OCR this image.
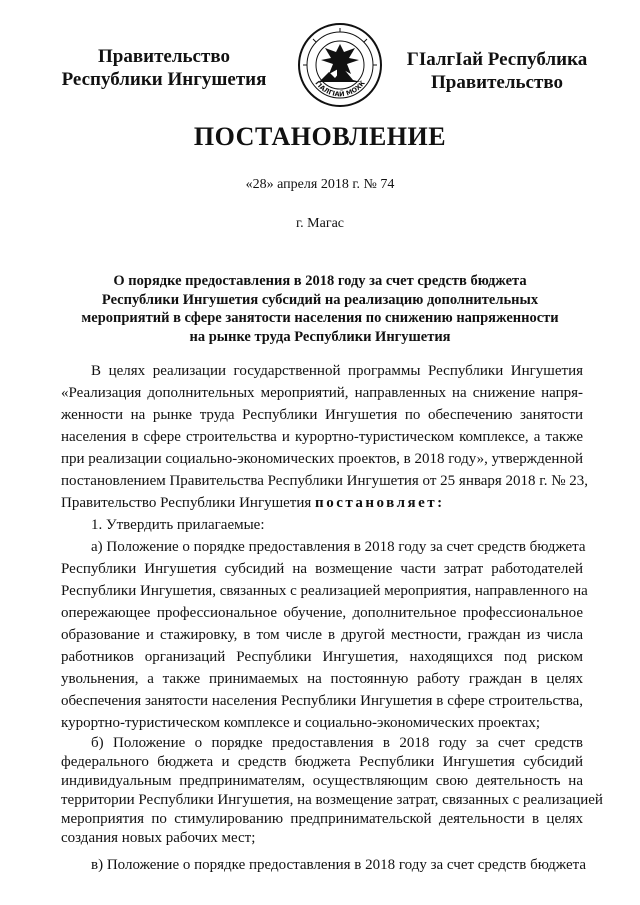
Правительство
Республики Ингушетия	ГӀАЛГӀАЙ МОХК
ГӀалгӀай Республика
Правительство
ПОСТАНОВЛЕНИЕ
«28» апреля 2018 г. № 74
г. Магас
О порядке предоставления в 2018 году за счет средств бюджета
Республики Ингушетия субсидий на реализацию дополнительных
мероприятий в сфере занятости населения по снижению напряженности
на рынке труда Республики Ингушетия
В целях реализации государственной программы Республики Ингушетия
«Реализация дополнительных мероприятий, направленных на снижение напря-
женности на рынке труда Республики Ингушетия по обеспечению занятости
населения в сфере строительства и курортно-туристическом комплексе, а также
при реализации социально-экономических проектов, в 2018 году», утвержденной
постановлением Правительства Республики Ингушетия от 25 января 2018 г. № 23,
Правительство Республики Ингушетия постановляет:
1. Утвердить прилагаемые:
а) Положение о порядке предоставления в 2018 году за счет средств бюджета
Республики Ингушетия субсидий на возмещение части затрат работодателей
Республики Ингушетия, связанных с реализацией мероприятия, направленного на
опережающее профессиональное обучение, дополнительное профессиональное
образование и стажировку, в том числе в другой местности, граждан из числа
работников организаций Республики Ингушетия, находящихся под риском
увольнения, а также принимаемых на постоянную работу граждан в целях
обеспечения занятости населения Республики Ингушетия в сфере строительства,
курортно-туристическом комплексе и социально-экономических проектах;
б) Положение о порядке предоставления в 2018 году за счет средств
федерального бюджета и средств бюджета Республики Ингушетия субсидий
индивидуальным предпринимателям, осуществляющим свою деятельность на
территории Республики Ингушетия, на возмещение затрат, связанных с реализацией
мероприятия по стимулированию предпринимательской деятельности в целях
создания новых рабочих мест;
в) Положение о порядке предоставления в 2018 году за счет средств бюджета
